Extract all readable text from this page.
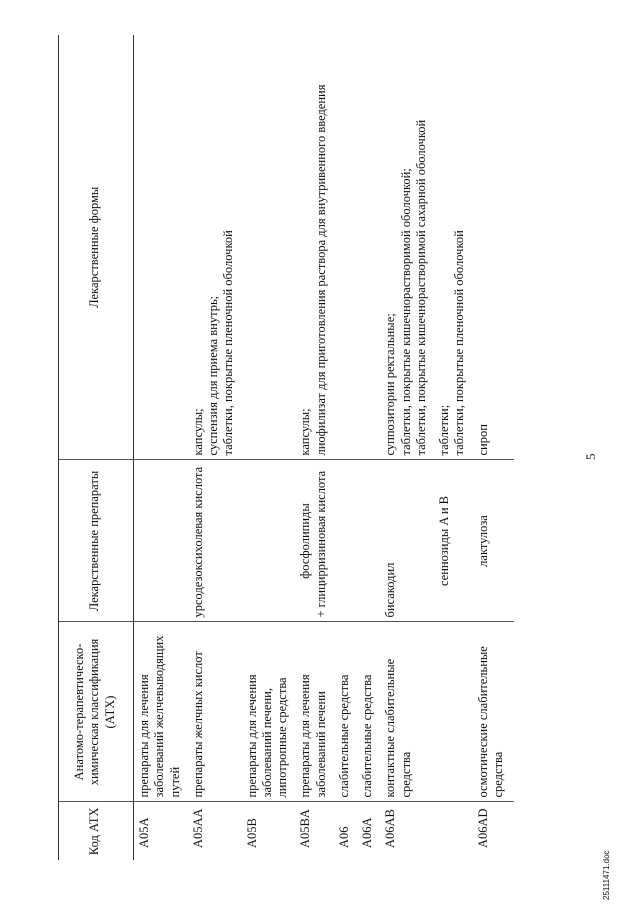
5
Код АТХ	Анатомо-терапевтическо-химическая классификация (АТХ)	Лекарственные препараты	Лекарственные формы
A05A	препараты для лечения заболеваний желчевыводящих путей		
A05AA	препараты желчных кислот	урсодезоксихолевая кислота	капсулы; суспензия для приема внутрь; таблетки, покрытые пленочной оболочкой

A05B	препараты для лечения заболеваний печени, липотропные средства		
A05BA	препараты для лечения заболеваний печени	фосфолипиды + глицирризиновая кислота	капсулы; лиофилизат для приготовления раствора для внутривенного введения

A06	слабительные средства		
A06A	слабительные средства		
A06AB	контактные слабительные средства	бисакодил	суппозитории ректальные; таблетки, покрытые кишечнорастворимой оболочкой; таблетки, покрытые кишечнорастворимой сахарной оболочкой

		сеннозиды A и B	таблетки; таблетки, покрытые пленочной оболочкой

A06AD	осмотические слабительные средства	лактулоза	сироп
25111471.doc
